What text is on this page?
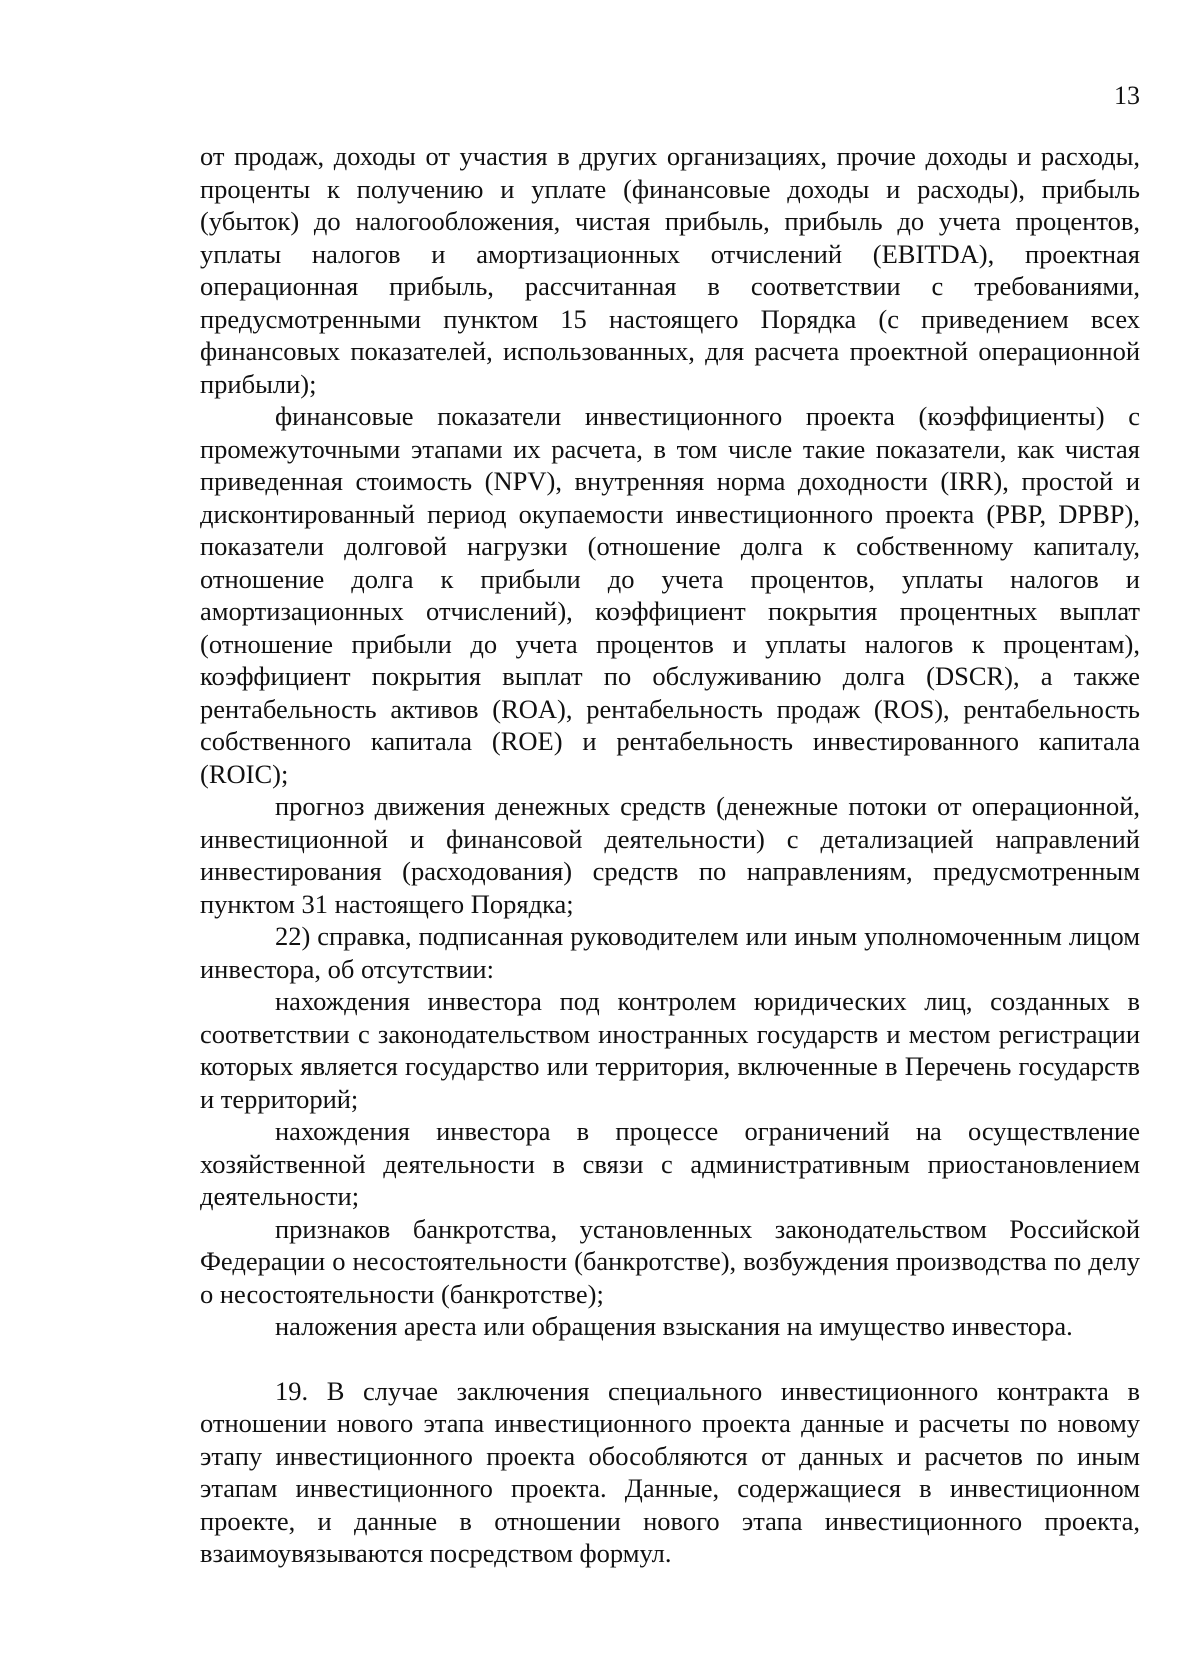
13

от продаж, доходы от участия в других организациях, прочие доходы и расходы, проценты к получению и уплате (финансовые доходы и расходы), прибыль (убыток) до налогообложения, чистая прибыль, прибыль до учета процентов, уплаты налогов и амортизационных отчислений (EBITDA), проектная операционная прибыль, рассчитанная в соответствии с требованиями, предусмотренными пунктом 15 настоящего Порядка (с приведением всех финансовых показателей, использованных, для расчета проектной операционной прибыли);

финансовые показатели инвестиционного проекта (коэффициенты) с промежуточными этапами их расчета, в том числе такие показатели, как чистая приведенная стоимость (NPV), внутренняя норма доходности (IRR), простой и дисконтированный период окупаемости инвестиционного проекта (PBP, DPBP), показатели долговой нагрузки (отношение долга к собственному капиталу, отношение долга к прибыли до учета процентов, уплаты налогов и амортизационных отчислений), коэффициент покрытия процентных выплат (отношение прибыли до учета процентов и уплаты налогов к процентам), коэффициент покрытия выплат по обслуживанию долга (DSCR), а также рентабельность активов (ROA), рентабельность продаж (ROS), рентабельность собственного капитала (ROE) и рентабельность инвестированного капитала (ROIC);

прогноз движения денежных средств (денежные потоки от операционной, инвестиционной и финансовой деятельности) с детализацией направлений инвестирования (расходования) средств по направлениям, предусмотренным пунктом 31 настоящего Порядка;

22) справка, подписанная руководителем или иным уполномоченным лицом инвестора, об отсутствии:

нахождения инвестора под контролем юридических лиц, созданных в соответствии с законодательством иностранных государств и местом регистрации которых является государство или территория, включенные в Перечень государств и территорий;

нахождения инвестора в процессе ограничений на осуществление хозяйственной деятельности в связи с административным приостановлением деятельности;

признаков банкротства, установленных законодательством Российской Федерации о несостоятельности (банкротстве), возбуждения производства по делу о несостоятельности (банкротстве);

наложения ареста или обращения взыскания на имущество инвестора.

19. В случае заключения специального инвестиционного контракта в отношении нового этапа инвестиционного проекта данные и расчеты по новому этапу инвестиционного проекта обособляются от данных и расчетов по иным этапам инвестиционного проекта. Данные, содержащиеся в инвестиционном проекте, и данные в отношении нового этапа инвестиционного проекта, взаимоувязываются посредством формул.
